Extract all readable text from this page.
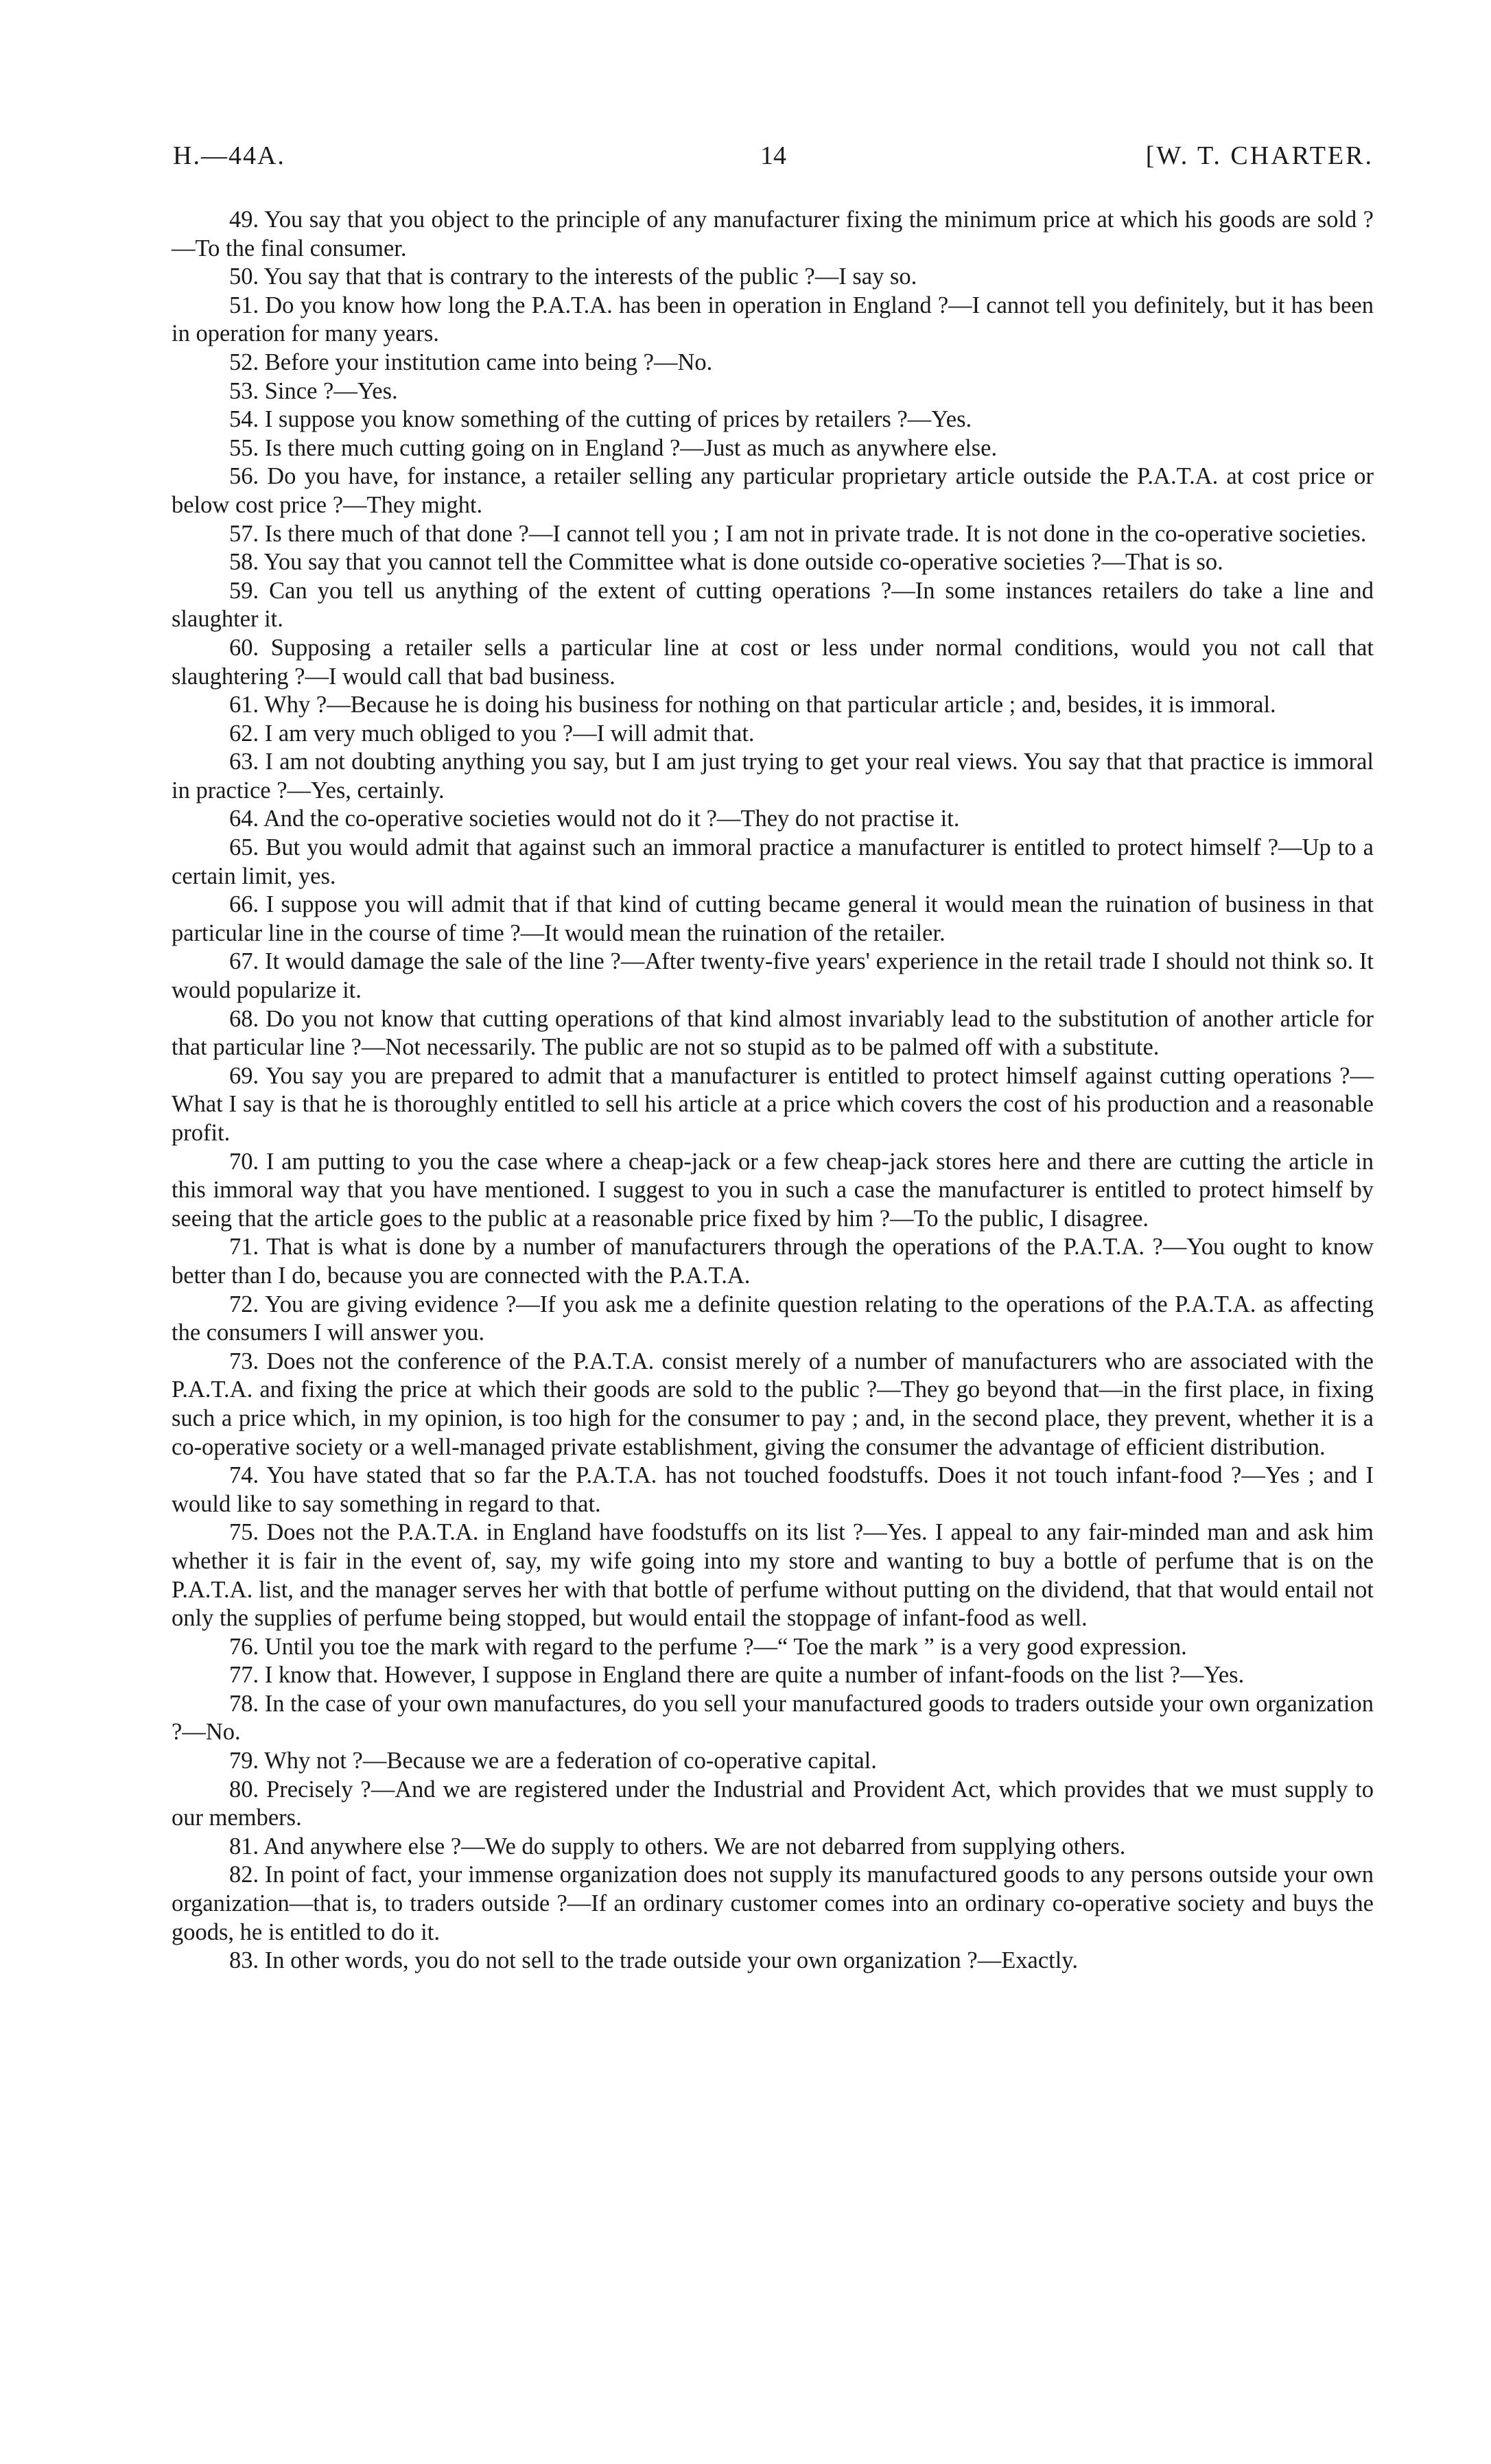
H.—44A.	14	[W. T. CHARTER.

49. You say that you object to the principle of any manufacturer fixing the minimum price at which his goods are sold ?—To the final consumer.

50. You say that that is contrary to the interests of the public ?—I say so.

51. Do you know how long the P.A.T.A. has been in operation in England ?—I cannot tell you definitely, but it has been in operation for many years.

52. Before your institution came into being ?—No.

53. Since ?—Yes.

54. I suppose you know something of the cutting of prices by retailers ?—Yes.

55. Is there much cutting going on in England ?—Just as much as anywhere else.

56. Do you have, for instance, a retailer selling any particular proprietary article outside the P.A.T.A. at cost price or below cost price ?—They might.

57. Is there much of that done ?—I cannot tell you ; I am not in private trade. It is not done in the co-operative societies.

58. You say that you cannot tell the Committee what is done outside co-operative societies ?—That is so.

59. Can you tell us anything of the extent of cutting operations ?—In some instances retailers do take a line and slaughter it.

60. Supposing a retailer sells a particular line at cost or less under normal conditions, would you not call that slaughtering ?—I would call that bad business.

61. Why ?—Because he is doing his business for nothing on that particular article ; and, besides, it is immoral.

62. I am very much obliged to you ?—I will admit that.

63. I am not doubting anything you say, but I am just trying to get your real views. You say that that practice is immoral in practice ?—Yes, certainly.

64. And the co-operative societies would not do it ?—They do not practise it.

65. But you would admit that against such an immoral practice a manufacturer is entitled to protect himself ?—Up to a certain limit, yes.

66. I suppose you will admit that if that kind of cutting became general it would mean the ruination of business in that particular line in the course of time ?—It would mean the ruination of the retailer.

67. It would damage the sale of the line ?—After twenty-five years' experience in the retail trade I should not think so. It would popularize it.

68. Do you not know that cutting operations of that kind almost invariably lead to the substitution of another article for that particular line ?—Not necessarily. The public are not so stupid as to be palmed off with a substitute.

69. You say you are prepared to admit that a manufacturer is entitled to protect himself against cutting operations ?—What I say is that he is thoroughly entitled to sell his article at a price which covers the cost of his production and a reasonable profit.

70. I am putting to you the case where a cheap-jack or a few cheap-jack stores here and there are cutting the article in this immoral way that you have mentioned. I suggest to you in such a case the manufacturer is entitled to protect himself by seeing that the article goes to the public at a reasonable price fixed by him ?—To the public, I disagree.

71. That is what is done by a number of manufacturers through the operations of the P.A.T.A. ?—You ought to know better than I do, because you are connected with the P.A.T.A.

72. You are giving evidence ?—If you ask me a definite question relating to the operations of the P.A.T.A. as affecting the consumers I will answer you.

73. Does not the conference of the P.A.T.A. consist merely of a number of manufacturers who are associated with the P.A.T.A. and fixing the price at which their goods are sold to the public ?—They go beyond that—in the first place, in fixing such a price which, in my opinion, is too high for the consumer to pay ; and, in the second place, they prevent, whether it is a co-operative society or a well-managed private establishment, giving the consumer the advantage of efficient distribution.

74. You have stated that so far the P.A.T.A. has not touched foodstuffs. Does it not touch infant-food ?—Yes ; and I would like to say something in regard to that.

75. Does not the P.A.T.A. in England have foodstuffs on its list ?—Yes. I appeal to any fair-minded man and ask him whether it is fair in the event of, say, my wife going into my store and wanting to buy a bottle of perfume that is on the P.A.T.A. list, and the manager serves her with that bottle of perfume without putting on the dividend, that that would entail not only the supplies of perfume being stopped, but would entail the stoppage of infant-food as well.

76. Until you toe the mark with regard to the perfume ?—“ Toe the mark ” is a very good expression.

77. I know that. However, I suppose in England there are quite a number of infant-foods on the list ?—Yes.

78. In the case of your own manufactures, do you sell your manufactured goods to traders outside your own organization ?—No.

79. Why not ?—Because we are a federation of co-operative capital.

80. Precisely ?—And we are registered under the Industrial and Provident Act, which provides that we must supply to our members.

81. And anywhere else ?—We do supply to others. We are not debarred from supplying others.

82. In point of fact, your immense organization does not supply its manufactured goods to any persons outside your own organization—that is, to traders outside ?—If an ordinary customer comes into an ordinary co-operative society and buys the goods, he is entitled to do it.

83. In other words, you do not sell to the trade outside your own organization ?—Exactly.
